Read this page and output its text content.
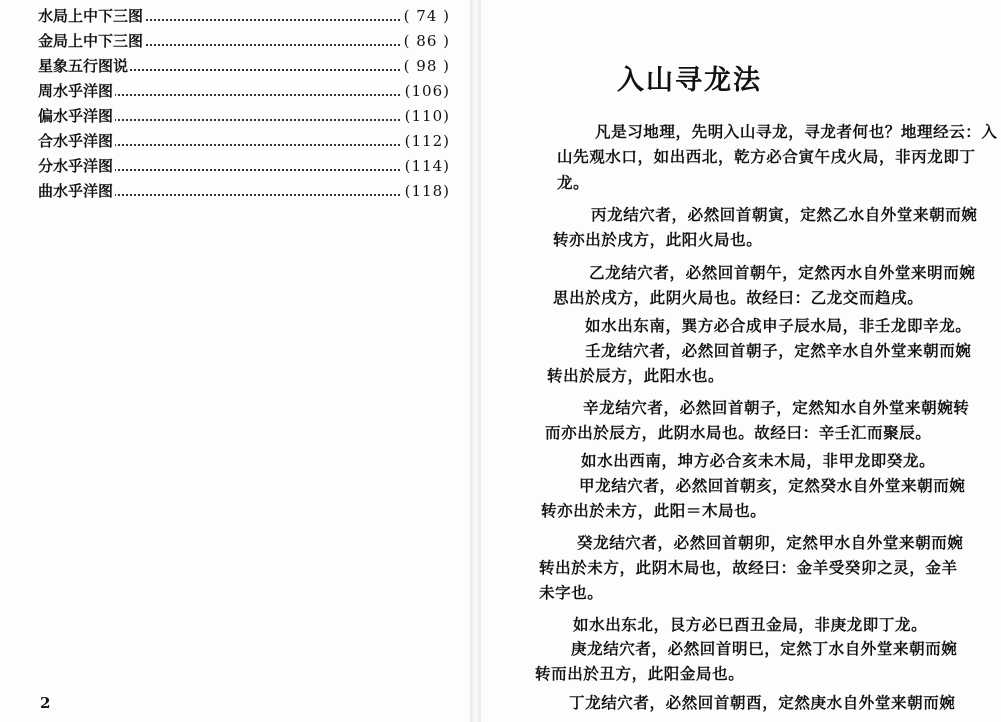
水局上中下三图	( 74 )
金局上中下三图	( 86 )
星象五行图说	( 98 )
周水乎洋图	(106)
偏水乎洋图	(110)
合水乎洋图	(112)
分水乎洋图	(114)
曲水乎洋图	(118)
2
入山寻龙法
凡是习地理，先明入山寻龙，寻龙者何也？地理经云：入
山先观水口，如出西北，乾方必合寅午戌火局，非丙龙即丁
龙。
丙龙结穴者，必然回首朝寅，定然乙水自外堂来朝而婉
转亦出於戌方，此阳火局也。
乙龙结穴者，必然回首朝午，定然丙水自外堂来明而婉
思出於戌方，此阴火局也。故经曰：乙龙交而趋戌。
如水出东南，巽方必合成申子辰水局，非壬龙即辛龙。
壬龙结穴者，必然回首朝子，定然辛水自外堂来朝而婉
转出於辰方，此阳水也。
辛龙结穴者，必然回首朝子，定然知水自外堂来朝婉转
而亦出於辰方，此阴水局也。故经曰：辛壬汇而聚辰。
如水出西南，坤方必合亥未木局，非甲龙即癸龙。
甲龙结穴者，必然回首朝亥，定然癸水自外堂来朝而婉
转亦出於未方，此阳＝木局也。
癸龙结穴者，必然回首朝卯，定然甲水自外堂来朝而婉
转出於未方，此阴木局也，故经曰：金羊受癸卯之灵，金羊
未字也。
如水出东北，艮方必巳酉丑金局，非庚龙即丁龙。
庚龙结穴者，必然回首明巳，定然丁水自外堂来朝而婉
转而出於丑方，此阳金局也。
丁龙结穴者，必然回首朝酉，定然庚水自外堂来朝而婉
